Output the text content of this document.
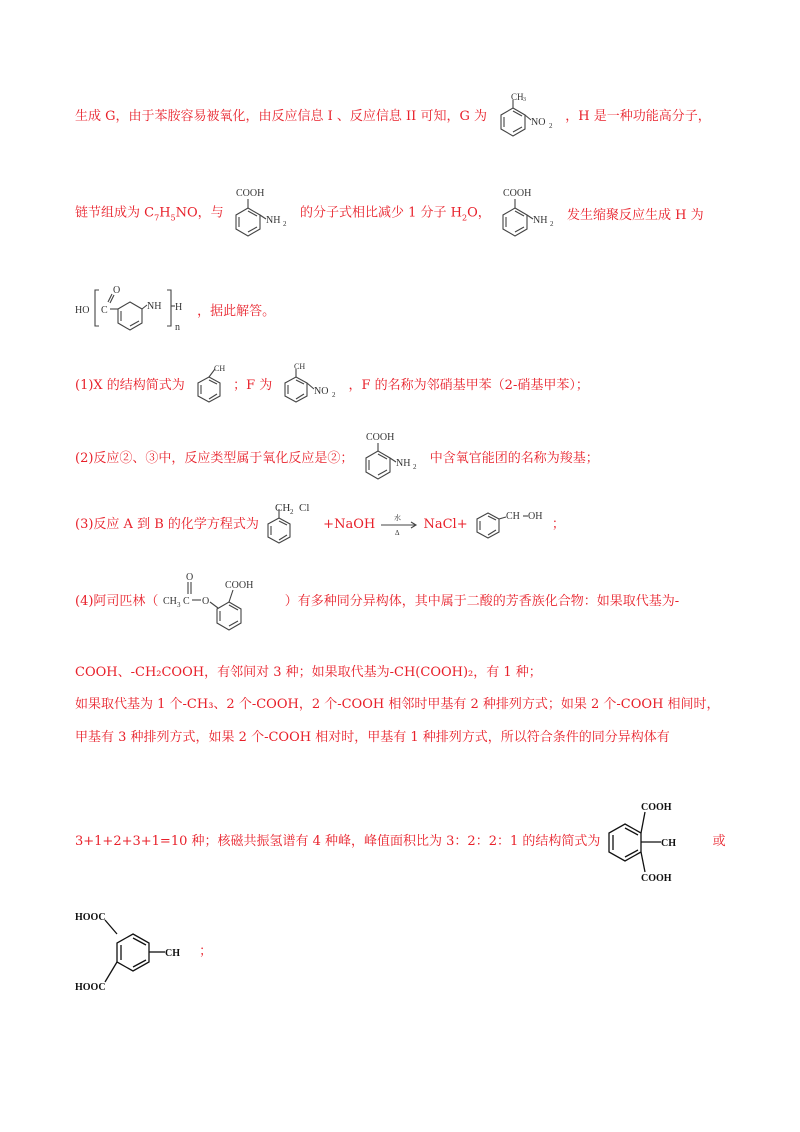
生成 G，由于苯胺容易被氧化，由反应信息 I 、反应信息 II 可知，G 为
CH 3
NO 2
，H 是一种功能高分子，
链节组成为 $C_7H_5NO$，与
COOH
NH 2
的分子式相比减少 1 分子 $H_2O$，
COOH
NH 2
发生缩聚反应生成 H 为
HO C
O
NH H
n
，据此解答。
(1)X 的结构简式为
CH
；F 为
CH
NO 2
，F 的名称为邻硝基甲苯（2-硝基甲苯）；
(2)反应②、③中，反应类型属于氧化反应是②；
COOH
NH 2
中含氧官能团的名称为羧基；
(3)反应 A 到 B 的化学方程式为
CH 2 Cl
+NaOH	水
Δ
NaCl+
CH OH
；
(4)阿司匹林（ CH 3 C
O
O
COOH
）有多种同分异构体，其中属于二酸的芳香族化合物：如果取代基为-
COOH、-CH₂COOH，有邻间对 3 种；如果取代基为-CH(COOH)₂，有 1 种；
如果取代基为 1 个-CH₃、2 个-COOH，2 个-COOH 相邻时甲基有 2 种排列方式；如果 2 个-COOH 相间时，
甲基有 3 种排列方式，如果 2 个-COOH 相对时，甲基有 1 种排列方式，所以符合条件的同分异构体有
3+1+2+3+1=10 种；核磁共振氢谱有 4 种峰，峰值面积比为 3：2：2：1 的结构简式为
COOH
CH
COOH
或
HOOC
CH
HOOC
；
